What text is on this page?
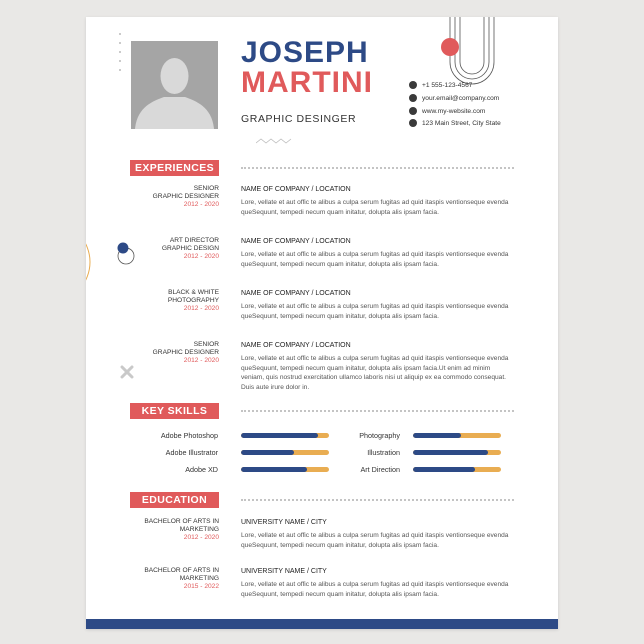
JOSEPH
MARTINI
GRAPHIC DESINGER
+1 555-123-4567
your.email@company.com
www.my-website.com
123 Main Street, City State
EXPERIENCES
SENIOR
GRAPHIC DESIGNER
2012 - 2020
NAME OF COMPANY / LOCATION
Lore, vellate et aut offic te alibus a culpa serum fugitas ad quid itaspis ventionseque evenda queSequunt, tempedi necum quam initatur, dolupta alis ipsam facia.
ART DIRECTOR
GRAPHIC DESIGN
2012 - 2020
NAME OF COMPANY / LOCATION
Lore, vellate et aut offic te alibus a culpa serum fugitas ad quid itaspis ventionseque evenda queSequunt, tempedi necum quam initatur, dolupta alis ipsam facia.
BLACK & WHITE
PHOTOGRAPHY
2012 - 2020
NAME OF COMPANY / LOCATION
Lore, vellate et aut offic te alibus a culpa serum fugitas ad quid itaspis ventionseque evenda queSequunt, tempedi necum quam initatur, dolupta alis ipsam facia.
SENIOR
GRAPHIC DESIGNER
2012 - 2020
NAME OF COMPANY / LOCATION
Lore, vellate et aut offic te alibus a culpa serum fugitas ad quid itaspis ventionseque evenda queSequunt, tempedi necum quam initatur, dolupta alis ipsam facia.Ut enim ad minim veniam, quis nostrud exercitation ullamco laboris nisi ut aliquip ex ea commodo consequat. Duis aute irure dolor in.
KEY SKILLS
Adobe Photoshop
Adobe Illustrator
Adobe XD
Photography
Illustration
Art Direction
EDUCATION
BACHELOR OF ARTS IN
MARKETING
2012 - 2020
UNIVERSITY NAME / CITY
Lore, vellate et aut offic te alibus a culpa serum fugitas ad quid itaspis ventionseque evenda queSequunt, tempedi necum quam initatur, dolupta alis ipsam facia.
BACHELOR OF ARTS IN
MARKETING
2015 - 2022
UNIVERSITY NAME / CITY
Lore, vellate et aut offic te alibus a culpa serum fugitas ad quid itaspis ventionseque evenda queSequunt, tempedi necum quam initatur, dolupta alis ipsam facia.
